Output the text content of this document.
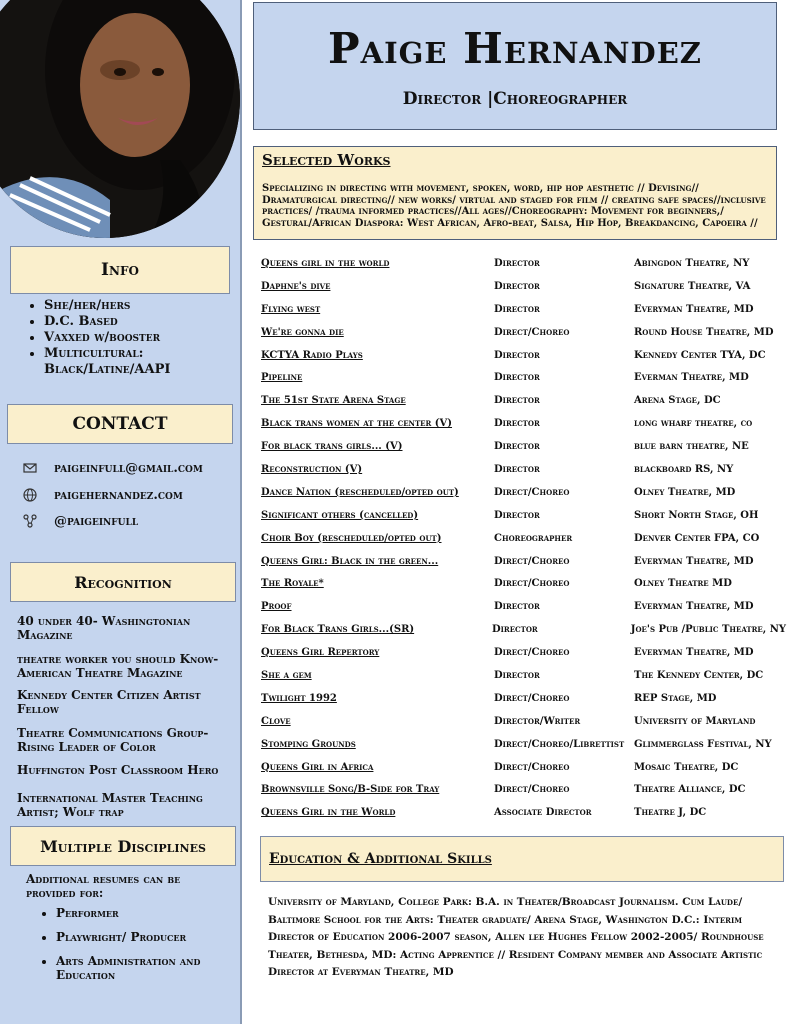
Info
• She/her/hers
• D.C. Based
• Vaxxed w/booster
• Multicultural: Black/Latine/AAPI
CONTACT
paigeinfull@gmail.com
paigehernandez.com
@paigeinfull
Recognition
40 under 40- Washingtonian Magazine
theatre worker you should Know- American Theatre Magazine
Kennedy Center Citizen Artist Fellow
Theatre Communications Group- Rising Leader of Color
Huffington Post Classroom Hero
International Master Teaching Artist; Wolf trap
Multiple Disciplines
Additional resumes can be provided for:
• Performer
• Playwright/ Producer
• Arts Administration and Education
Paige Hernandez
Director |Choreographer
Selected Works
Specializing in directing with movement, spoken, word, hip hop aesthetic // Devising// Dramaturgical directing// new works/ virtual and staged for film // creating safe spaces//inclusive practices/ /trauma informed practices//All ages//Choreography: Movement for beginners,/ Gestural/African Diaspora: West African, Afro-beat, Salsa, Hip Hop, Breakdancing, Capoeira //
Queens girl in the world	Director	Abingdon Theatre, NY
Daphne's dive	Director	Signature Theatre, VA
Flying west	Director	Everyman Theatre, MD
We're gonna die	Direct/Choreo	Round House Theatre, MD
KCTYA Radio Plays	Director	Kennedy Center TYA, DC
Pipeline	Director	Everman Theatre, MD
The 51st State Arena Stage	Director	Arena Stage, DC
Black trans women at the center (V)	Director	long wharf theatre, co
For black trans girls... (V)	Director	blue barn theatre, NE
Reconstruction (V)	Director	blackboard RS, NY
Dance Nation (rescheduled/opted out)	Direct/Choreo	Olney Theatre, MD
Significant others (cancelled)	Director	Short North Stage, OH
Choir Boy (rescheduled/opted out)	Choreographer	Denver Center FPA, CO
Queens Girl: Black in the green...	Direct/Choreo	Everyman Theatre, MD
The Royale*	Direct/Choreo	Olney Theatre MD
Proof	Director	Everyman Theatre, MD
For Black Trans Girls...(SR)	Director	Joe's Pub /Public Theatre, NY
Queens Girl Repertory	Direct/Choreo	Everyman Theatre, MD
She a gem	Director	The Kennedy Center, DC
Twilight 1992	Direct/Choreo	REP Stage, MD
Clove	Director/Writer	University of Maryland
Stomping Grounds	Direct/Choreo/Librettist Glimmerglass Festival, NY
Queens Girl in Africa	Direct/Choreo	Mosaic Theatre, DC
Brownsville Song/B-Side for Tray	Direct/Choreo	Theatre Alliance, DC
Queens Girl in the World	Associate Director	Theatre J, DC
Education & Additional Skills
University of Maryland, College Park: B.A. in Theater/Broadcast Journalism. Cum Laude/ Baltimore School for the Arts: Theater graduate/ Arena Stage, Washington D.C.: Interim Director of Education 2006-2007 season, Allen lee Hughes Fellow 2002-2005/ Roundhouse Theater, Bethesda, MD: Acting Apprentice // Resident Company member and Associate Artistic Director at Everyman Theatre, MD
